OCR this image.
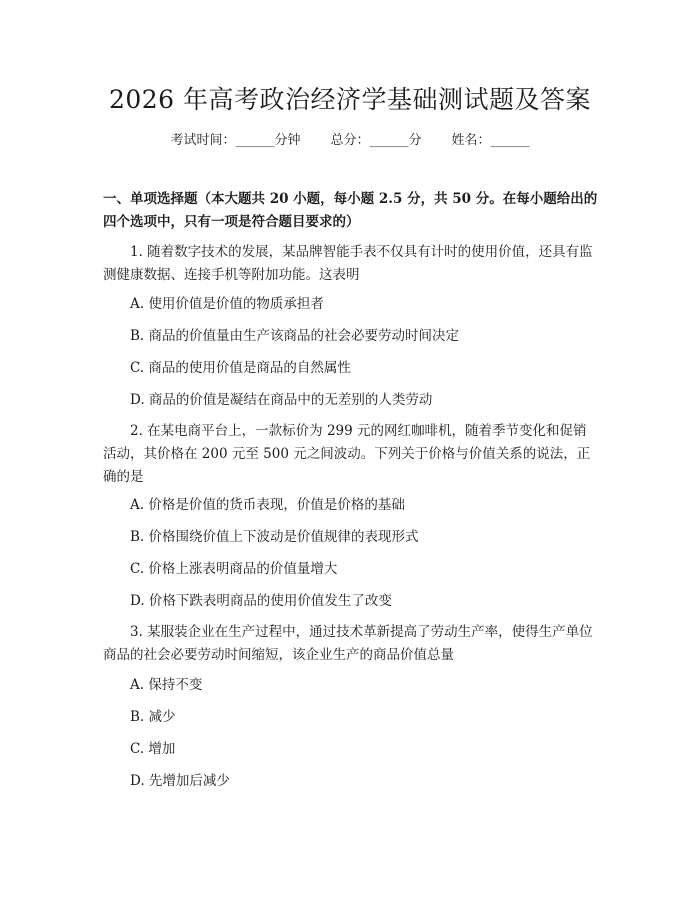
2026 年高考政治经济学基础测试题及答案
考试时间：______分钟 总分：______分 姓名：______
一、单项选择题（本大题共 20 小题，每小题 2.5 分，共 50 分。在每小题给出的四个选项中，只有一项是符合题目要求的）
1. 随着数字技术的发展，某品牌智能手表不仅具有计时的使用价值，还具有监测健康数据、连接手机等附加功能。这表明
A. 使用价值是价值的物质承担者
B. 商品的价值量由生产该商品的社会必要劳动时间决定
C. 商品的使用价值是商品的自然属性
D. 商品的价值是凝结在商品中的无差别的人类劳动
2. 在某电商平台上，一款标价为 299 元的网红咖啡机，随着季节变化和促销活动，其价格在 200 元至 500 元之间波动。下列关于价格与价值关系的说法，正确的是
A. 价格是价值的货币表现，价值是价格的基础
B. 价格围绕价值上下波动是价值规律的表现形式
C. 价格上涨表明商品的价值量增大
D. 价格下跌表明商品的使用价值发生了改变
3. 某服装企业在生产过程中，通过技术革新提高了劳动生产率，使得生产单位商品的社会必要劳动时间缩短，该企业生产的商品价值总量
A. 保持不变
B. 减少
C. 增加
D. 先增加后减少
